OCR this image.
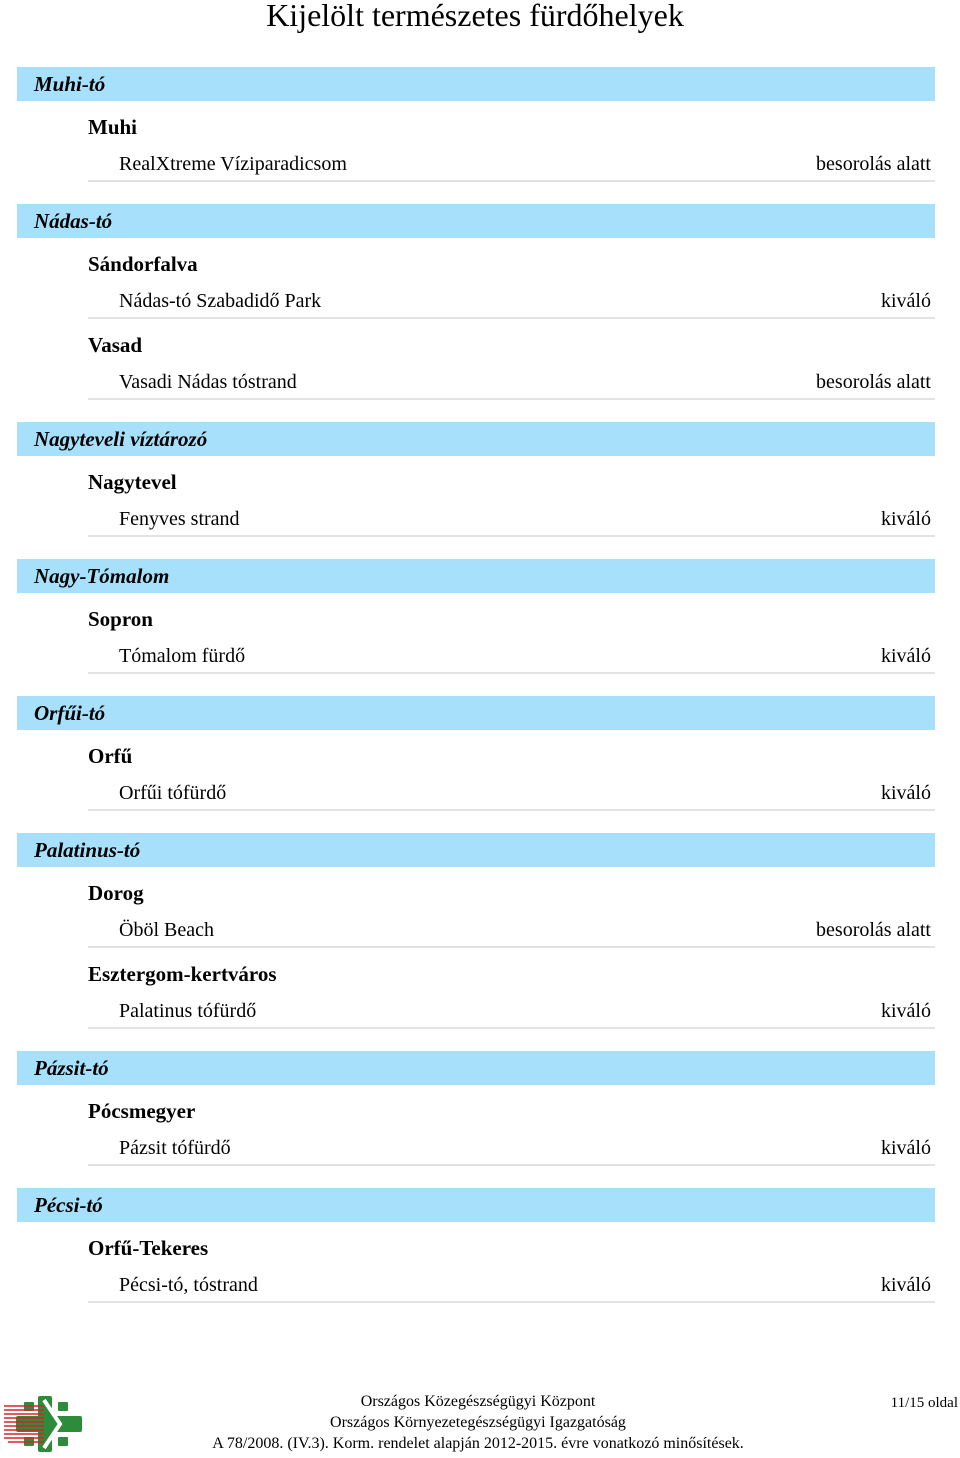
Kijelölt természetes fürdőhelyek
Muhi-tó
Muhi
RealXtreme Víziparadicsom	besorolás alatt
Nádas-tó
Sándorfalva
Nádas-tó Szabadidő Park	kiváló
Vasad
Vasadi Nádas tóstrand	besorolás alatt
Nagyteveli víztározó
Nagytevel
Fenyves strand	kiváló
Nagy-Tómalom
Sopron
Tómalom fürdő	kiváló
Orfűi-tó
Orfű
Orfűi tófürdő	kiváló
Palatinus-tó
Dorog
Öböl Beach	besorolás alatt
Esztergom-kertváros
Palatinus tófürdő	kiváló
Pázsit-tó
Pócsmegyer
Pázsit tófürdő	kiváló
Pécsi-tó
Orfű-Tekeres
Pécsi-tó, tóstrand	kiváló
Országos Közegészségügyi Központ
Országos Környezetegészségügyi Igazgatóság
A 78/2008. (IV.3). Korm. rendelet alapján 2012-2015. évre vonatkozó minősítések.
11/15 oldal
